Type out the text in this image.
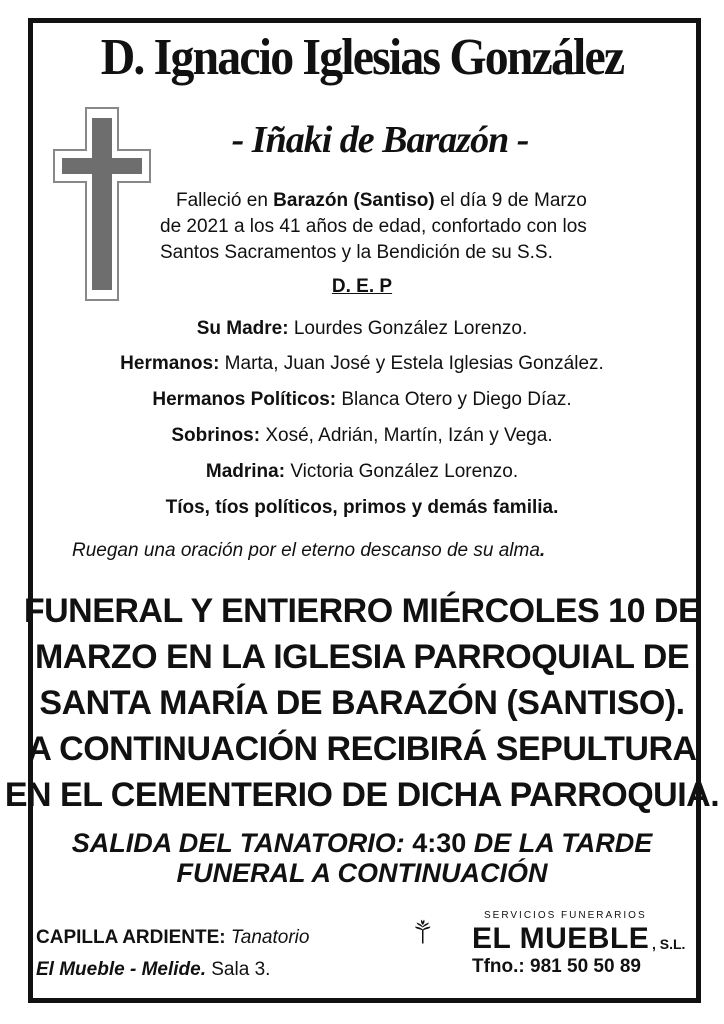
D. Ignacio Iglesias González
- Iñaki de Barazón -
Falleció en Barazón (Santiso) el día 9 de Marzo
de 2021 a los 41 años de edad, confortado con los
Santos Sacramentos y la Bendición de su S.S.
D. E. P
Su Madre: Lourdes González Lorenzo.
Hermanos: Marta, Juan José y Estela Iglesias González.
Hermanos Políticos: Blanca Otero y Diego Díaz.
Sobrinos: Xosé, Adrián, Martín, Izán y Vega.
Madrina: Victoria González Lorenzo.
Tíos, tíos políticos, primos y demás familia.
Ruegan una oración por el eterno descanso de su alma.
FUNERAL Y ENTIERRO MIÉRCOLES 10 DE
MARZO EN LA IGLESIA PARROQUIAL DE
SANTA MARÍA DE BARAZÓN (SANTISO).
A CONTINUACIÓN RECIBIRÁ SEPULTURA
EN EL CEMENTERIO DE DICHA PARROQUIA.
SALIDA DEL TANATORIO: 4:30 DE LA TARDE
FUNERAL A CONTINUACIÓN
CAPILLA ARDIENTE: Tanatorio
El Mueble - Melide. Sala 3.
SERVICIOS FUNERARIOS
EL MUEBLE , S.L.
Tfno.: 981 50 50 89
